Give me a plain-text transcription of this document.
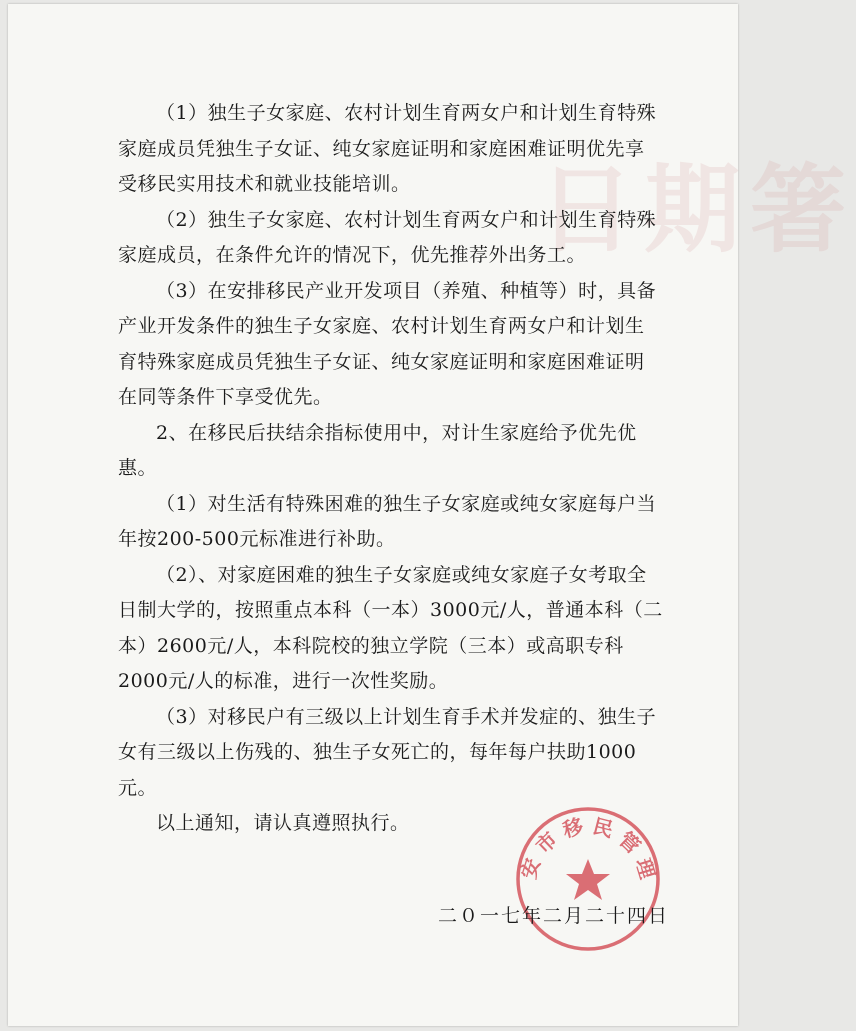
日期箸

（1）独生子女家庭、农村计划生育两女户和计划生育特殊家庭成员凭独生子女证、纯女家庭证明和家庭困难证明优先享受移民实用技术和就业技能培训。

（2）独生子女家庭、农村计划生育两女户和计划生育特殊家庭成员，在条件允许的情况下，优先推荐外出务工。

（3）在安排移民产业开发项目（养殖、种植等）时，具备产业开发条件的独生子女家庭、农村计划生育两女户和计划生育特殊家庭成员凭独生子女证、纯女家庭证明和家庭困难证明在同等条件下享受优先。

2、在移民后扶结余指标使用中，对计生家庭给予优先优惠。

（1）对生活有特殊困难的独生子女家庭或纯女家庭每户当年按200-500元标准进行补助。

（2）、对家庭困难的独生子女家庭或纯女家庭子女考取全日制大学的，按照重点本科（一本）3000元/人，普通本科（二本）2600元/人，本科院校的独立学院（三本）或高职专科2000元/人的标准，进行一次性奖励。

（3）对移民户有三级以上计划生育手术并发症的、独生子女有三级以上伤残的、独生子女死亡的，每年每户扶助1000元。

以上通知，请认真遵照执行。

安 市 移 民 管 理
二０一七年二月二十四日
